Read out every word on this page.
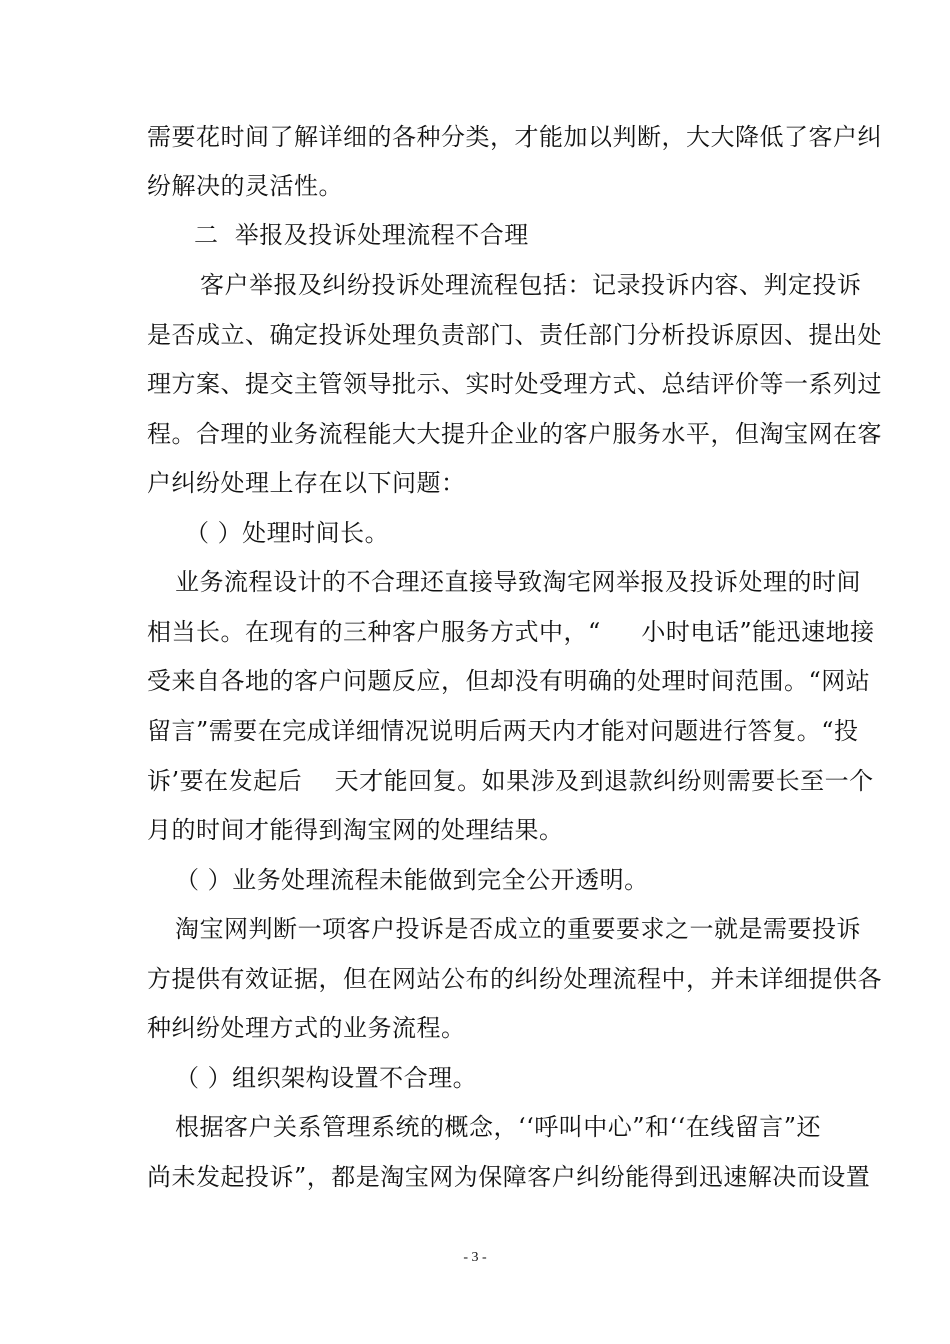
需要花时间了解详细的各种分类，才能加以判断，大大降低了客户纠
纷解决的灵活性。
二  举报及投诉处理流程不合理
客户举报及纠纷投诉处理流程包括：记录投诉内容、判定投诉
是否成立、确定投诉处理负责部门、责任部门分析投诉原因、提出处
理方案、提交主管领导批示、实时处受理方式、总结评价等一系列过
程。合理的业务流程能大大提升企业的客户服务水平，但淘宝网在客
户纠纷处理上存在以下问题：
（ ）处理时间长。
业务流程设计的不合理还直接导致淘宅网举报及投诉处理的时间
相当长。在现有的三种客户服务方式中，“     小时电话”能迅速地接
受来自各地的客户问题反应，但却没有明确的处理时间范围。“网站
留言”需要在完成详细情况说明后两天内才能对问题进行答复。“投
诉’要在发起后    天才能回复。如果涉及到退款纠纷则需要长至一个
月的时间才能得到淘宝网的处理结果。
（ ）业务处理流程未能做到完全公开透明。
淘宝网判断一项客户投诉是否成立的重要要求之一就是需要投诉
方提供有效证据，但在网站公布的纠纷处理流程中，并未详细提供各
种纠纷处理方式的业务流程。
（ ）组织架构设置不合理。
根据客户关系管理系统的概念，‘‘呼叫中心”和‘‘在线留言”还
尚未发起投诉”，都是淘宝网为保障客户纠纷能得到迅速解决而设置
- 3 -
